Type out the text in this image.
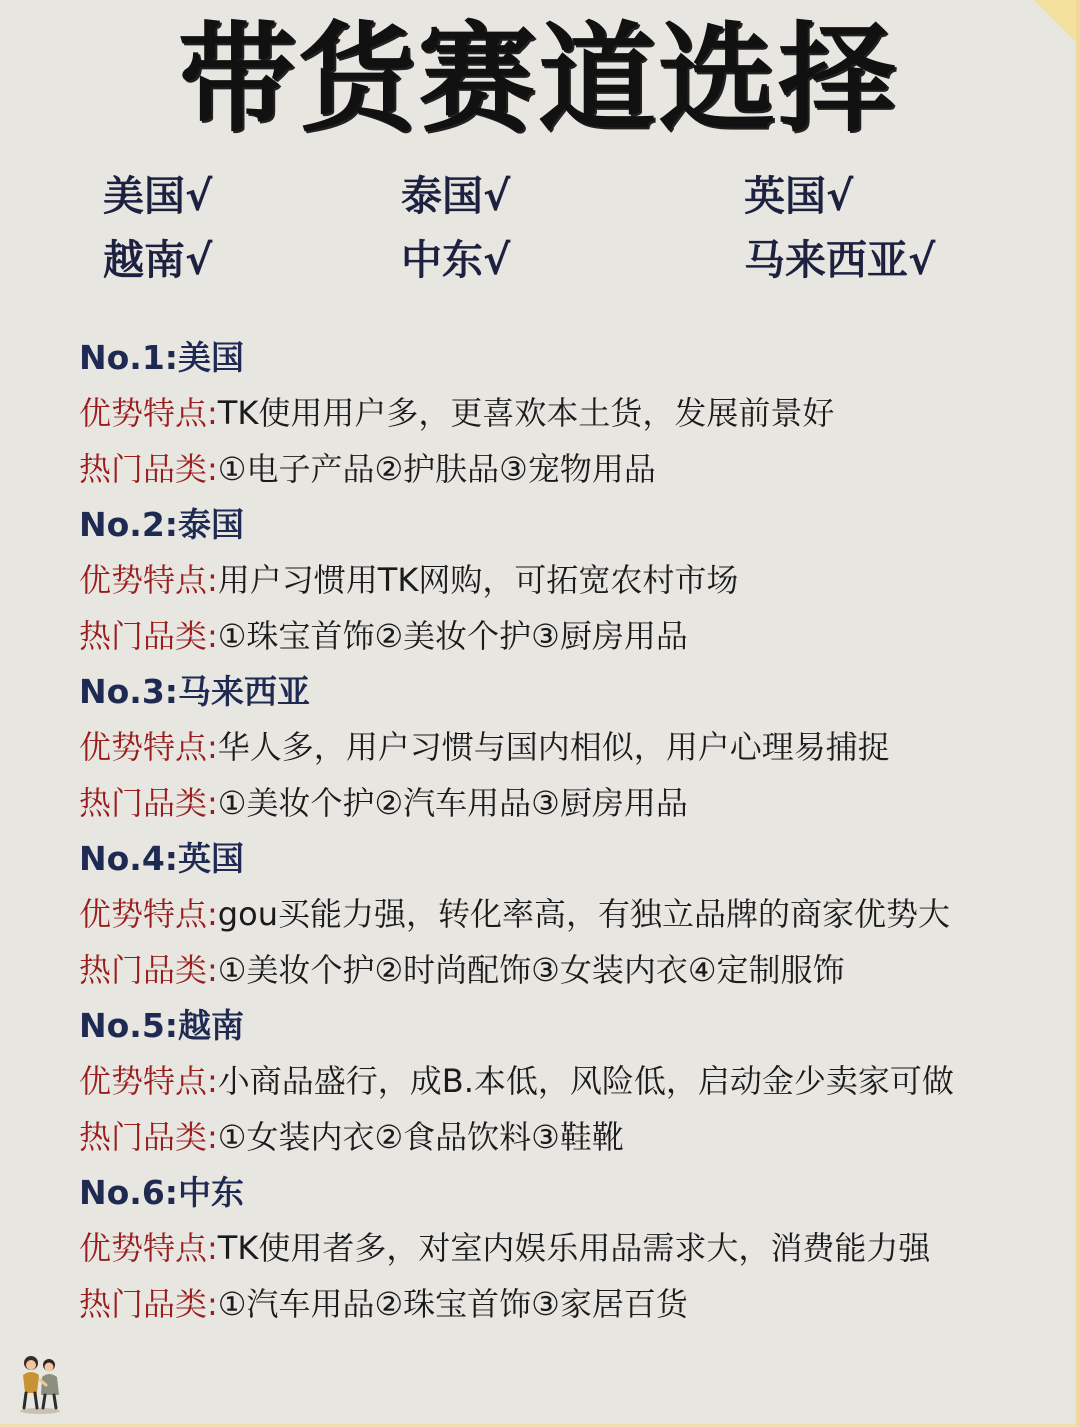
带货赛道选择
美国√	泰国√	英国√
越南√	中东√	马来西亚√
No.1:美国
优势特点:TK使用用户多，更喜欢本土货，发展前景好
热门品类:①电子产品②护肤品③宠物用品
No.2:泰国
优势特点:用户习惯用TK网购，可拓宽农村市场
热门品类:①珠宝首饰②美妆个护③厨房用品
No.3:马来西亚
优势特点:华人多，用户习惯与国内相似，用户心理易捕捉
热门品类:①美妆个护②汽车用品③厨房用品
No.4:英国
优势特点:gou买能力强，转化率高，有独立品牌的商家优势大
热门品类:①美妆个护②时尚配饰③女装内衣④定制服饰
No.5:越南
优势特点:小商品盛行，成B.本低，风险低，启动金少卖家可做
热门品类:①女装内衣②食品饮料③鞋靴
No.6:中东
优势特点:TK使用者多，对室内娱乐用品需求大，消费能力强
热门品类:①汽车用品②珠宝首饰③家居百货
